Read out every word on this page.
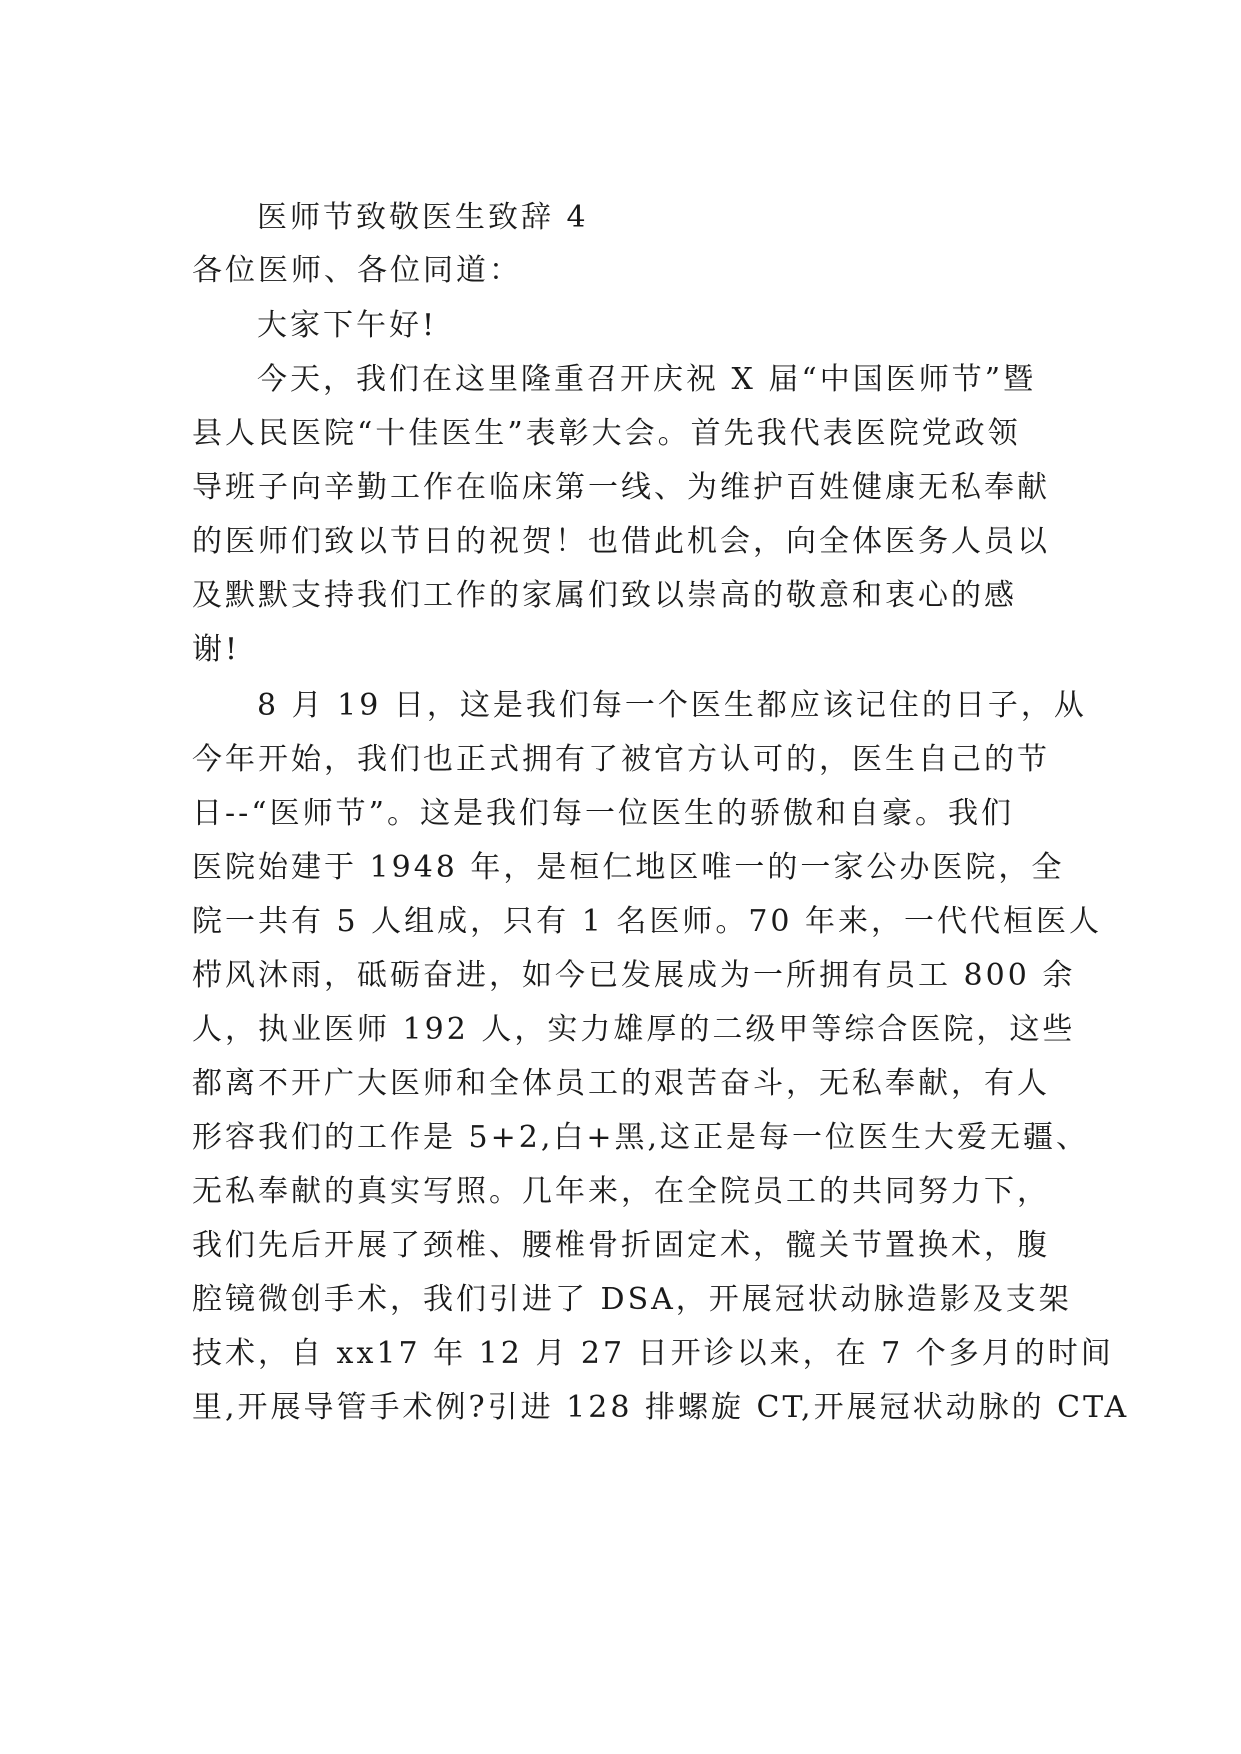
医师节致敬医生致辞 4
各位医师、各位同道：
大家下午好!
今天，我们在这里隆重召开庆祝 X 届“中国医师节”暨
县人民医院“十佳医生”表彰大会。首先我代表医院党政领
导班子向辛勤工作在临床第一线、为维护百姓健康无私奉献
的医师们致以节日的祝贺！也借此机会，向全体医务人员以
及默默支持我们工作的家属们致以崇高的敬意和衷心的感
谢!
8 月 19 日，这是我们每一个医生都应该记住的日子，从
今年开始，我们也正式拥有了被官方认可的，医生自己的节
日--“医师节”。这是我们每一位医生的骄傲和自豪。我们
医院始建于 1948 年，是桓仁地区唯一的一家公办医院，全
院一共有 5 人组成，只有 1 名医师。70 年来，一代代桓医人
栉风沐雨，砥砺奋进，如今已发展成为一所拥有员工 800 余
人，执业医师 192 人，实力雄厚的二级甲等综合医院，这些
都离不开广大医师和全体员工的艰苦奋斗，无私奉献，有人
形容我们的工作是 5+2,白+黑,这正是每一位医生大爱无疆、
无私奉献的真实写照。几年来，在全院员工的共同努力下，
我们先后开展了颈椎、腰椎骨折固定术，髋关节置换术，腹
腔镜微创手术，我们引进了 DSA，开展冠状动脉造影及支架
技术，自 xx17 年 12 月 27 日开诊以来，在 7 个多月的时间
里,开展导管手术例?引进 128 排螺旋 CT,开展冠状动脉的 CTA
